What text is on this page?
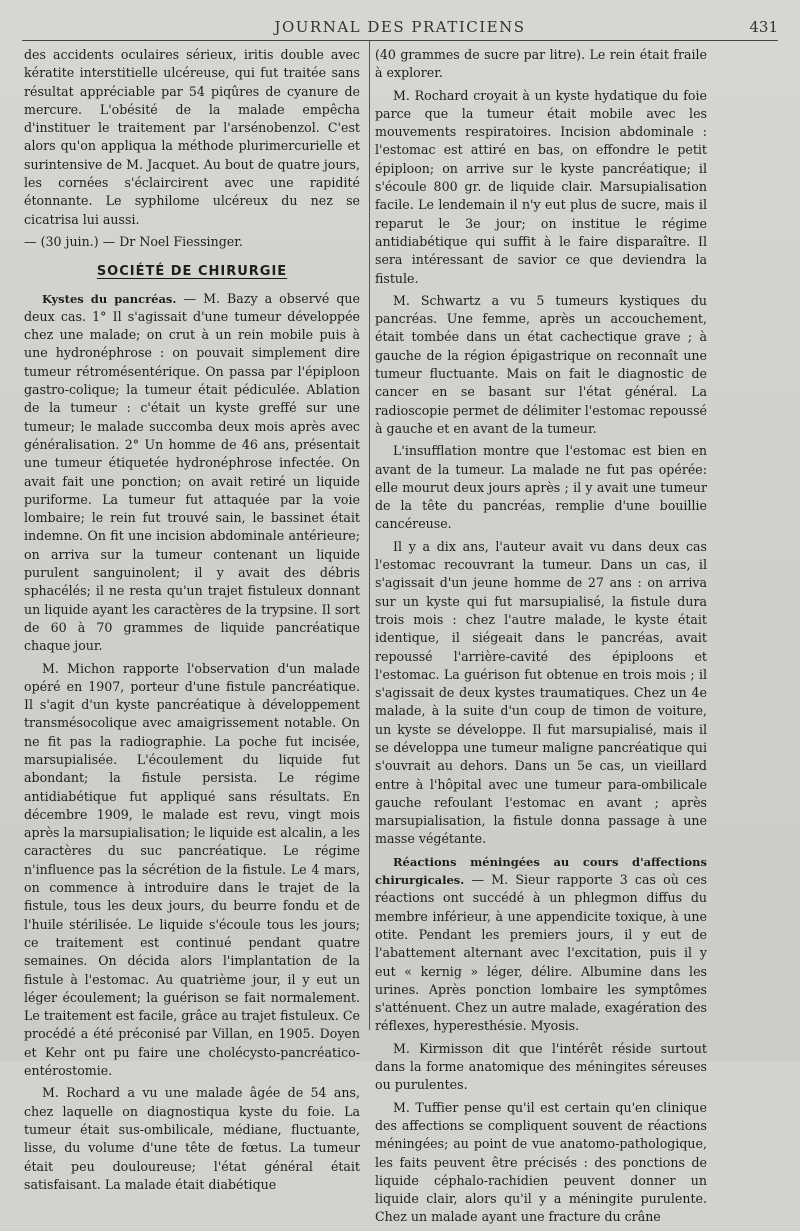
JOURNAL DES PRATICIENS	431

des accidents oculaires sérieux, iritis double avec kératite interstitielle ulcéreuse, qui fut traitée sans résultat appréciable par 54 piqûres de cyanure de mercure. L'obésité de la malade empêcha d'instituer le traitement par l'arsénobenzol. C'est alors qu'on appliqua la méthode plurimercurielle et surintensive de M. Jacquet. Au bout de quatre jours, les cornées s'éclaircirent avec une rapidité étonnante. Le syphilome ulcéreux du nez se cicatrisa lui aussi.

— (30 juin.) — Dr Noel Fiessinger.

SOCIÉTÉ DE CHIRURGIE

Kystes du pancréas. — M. Bazy a observé que deux cas. 1° Il s'agissait d'une tumeur développée chez une malade; on crut à un rein mobile puis à une hydronéphrose : on pouvait simplement dire tumeur rétromésentérique. On passa par l'épiploon gastro-colique; la tumeur était pédiculée. Ablation de la tumeur : c'était un kyste greffé sur une tumeur; le malade succomba deux mois après avec généralisation. 2° Un homme de 46 ans, présentait une tumeur étiquetée hydronéphrose infectée. On avait fait une ponction; on avait retiré un liquide puriforme. La tumeur fut attaquée par la voie lombaire; le rein fut trouvé sain, le bassinet était indemne. On fit une incision abdominale antérieure; on arriva sur la tumeur contenant un liquide purulent sanguinolent; il y avait des débris sphacélés; il ne resta qu'un trajet fistuleux donnant un liquide ayant les caractères de la trypsine. Il sort de 60 à 70 grammes de liquide pancréatique chaque jour.

M. Michon rapporte l'observation d'un malade opéré en 1907, porteur d'une fistule pancréatique. Il s'agit d'un kyste pancréatique à développement transmésocolique avec amaigrissement notable. On ne fit pas la radiographie. La poche fut incisée, marsupialisée. L'écoulement du liquide fut abondant; la fistule persista. Le régime antidiabétique fut appliqué sans résultats. En décembre 1909, le malade est revu, vingt mois après la marsupialisation; le liquide est alcalin, a les caractères du suc pancréatique. Le régime n'influence pas la sécrétion de la fistule. Le 4 mars, on commence à introduire dans le trajet de la fistule, tous les deux jours, du beurre fondu et de l'huile stérilisée. Le liquide s'écoule tous les jours; ce traitement est continué pendant quatre semaines. On décida alors l'implantation de la fistule à l'estomac. Au quatrième jour, il y eut un léger écoulement; la guérison se fait normalement. Le traitement est facile, grâce au trajet fistuleux. Ce procédé a été préconisé par Villan, en 1905. Doyen et Kehr ont pu faire une cholécysto-pancréatico-entérostomie.

M. Rochard a vu une malade âgée de 54 ans, chez laquelle on diagnostiqua kyste du foie. La tumeur était sus-ombilicale, médiane, fluctuante, lisse, du volume d'une tête de fœtus. La tumeur était peu douloureuse; l'état général était satisfaisant. La malade était diabétique

(40 grammes de sucre par litre). Le rein était fraile à explorer.

M. Rochard croyait à un kyste hydatique du foie parce que la tumeur était mobile avec les mouvements respiratoires. Incision abdominale : l'estomac est attiré en bas, on effondre le petit épiploon; on arrive sur le kyste pancréatique; il s'écoule 800 gr. de liquide clair. Marsupialisation facile. Le lendemain il n'y eut plus de sucre, mais il reparut le 3e jour; on institue le régime antidiabétique qui suffit à le faire disparaître. Il sera intéressant de savior ce que deviendra la fistule.

M. Schwartz a vu 5 tumeurs kystiques du pancréas. Une femme, après un accouchement, était tombée dans un état cachectique grave ; à gauche de la région épigastrique on reconnaît une tumeur fluctuante. Mais on fait le diagnostic de cancer en se basant sur l'état général. La radioscopie permet de délimiter l'estomac repoussé à gauche et en avant de la tumeur.

L'insufflation montre que l'estomac est bien en avant de la tumeur. La malade ne fut pas opérée: elle mourut deux jours après ; il y avait une tumeur de la tête du pancréas, remplie d'une bouillie cancéreuse.

Il y a dix ans, l'auteur avait vu dans deux cas l'estomac recouvrant la tumeur. Dans un cas, il s'agissait d'un jeune homme de 27 ans : on arriva sur un kyste qui fut marsupialisé, la fistule dura trois mois : chez l'autre malade, le kyste était identique, il siégeait dans le pancréas, avait repoussé l'arrière-cavité des épiploons et l'estomac. La guérison fut obtenue en trois mois ; il s'agissait de deux kystes traumatiques. Chez un 4e malade, à la suite d'un coup de timon de voiture, un kyste se développe. Il fut marsupialisé, mais il se développa une tumeur maligne pancréatique qui s'ouvrait au dehors. Dans un 5e cas, un vieillard entre à l'hôpital avec une tumeur para-ombilicale gauche refoulant l'estomac en avant ; après marsupialisation, la fistule donna passage à une masse végétante.

Réactions méningées au cours d'affections chirurgicales. — M. Sieur rapporte 3 cas où ces réactions ont succédé à un phlegmon diffus du membre inférieur, à une appendicite toxique, à une otite. Pendant les premiers jours, il y eut de l'abattement alternant avec l'excitation, puis il y eut « kernig » léger, délire. Albumine dans les urines. Après ponction lombaire les symptômes s'atténuent. Chez un autre malade, exagération des réflexes, hyperesthésie. Myosis.

M. Kirmisson dit que l'intérêt réside surtout dans la forme anatomique des méningites séreuses ou purulentes.

M. Tuffier pense qu'il est certain qu'en clinique des affections se compliquent souvent de réactions méningées; au point de vue anatomo-pathologique, les faits peuvent être précisés : des ponctions de liquide céphalo-rachidien peuvent donner un liquide clair, alors qu'il y a méningite purulente. Chez un malade ayant une fracture du crâne
